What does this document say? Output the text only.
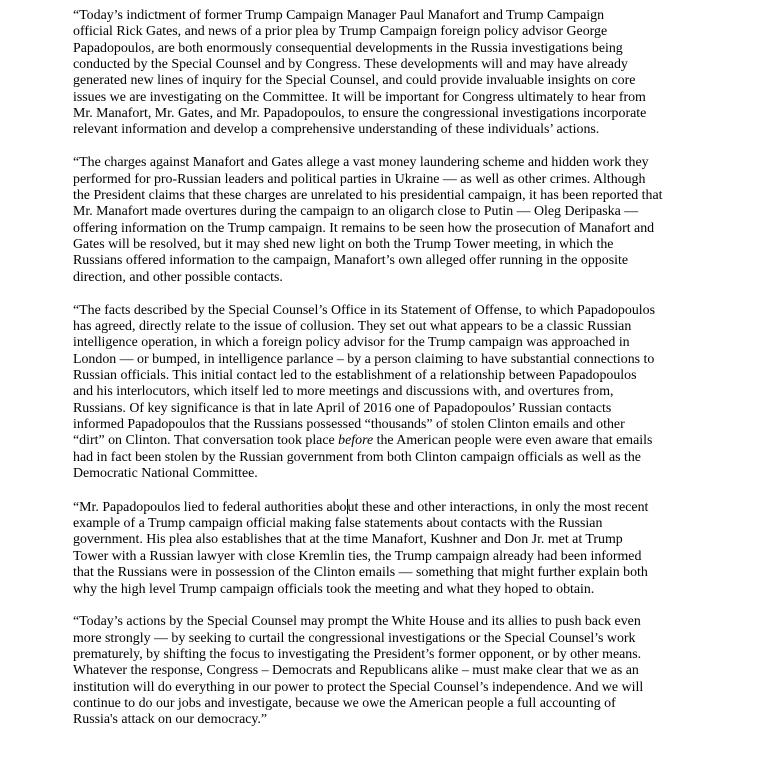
“Today’s indictment of former Trump Campaign Manager Paul Manafort and Trump Campaign
official Rick Gates, and news of a prior plea by Trump Campaign foreign policy advisor George
Papadopoulos, are both enormously consequential developments in the Russia investigations being
conducted by the Special Counsel and by Congress. These developments will and may have already
generated new lines of inquiry for the Special Counsel, and could provide invaluable insights on core
issues we are investigating on the Committee. It will be important for Congress ultimately to hear from
Mr. Manafort, Mr. Gates, and Mr. Papadopoulos, to ensure the congressional investigations incorporate
relevant information and develop a comprehensive understanding of these individuals’ actions.

“The charges against Manafort and Gates allege a vast money laundering scheme and hidden work they
performed for pro-Russian leaders and political parties in Ukraine — as well as other crimes. Although
the President claims that these charges are unrelated to his presidential campaign, it has been reported that
Mr. Manafort made overtures during the campaign to an oligarch close to Putin — Oleg Deripaska —
offering information on the Trump campaign. It remains to be seen how the prosecution of Manafort and
Gates will be resolved, but it may shed new light on both the Trump Tower meeting, in which the
Russians offered information to the campaign, Manafort’s own alleged offer running in the opposite
direction, and other possible contacts.

“The facts described by the Special Counsel’s Office in its Statement of Offense, to which Papadopoulos
has agreed, directly relate to the issue of collusion. They set out what appears to be a classic Russian
intelligence operation, in which a foreign policy advisor for the Trump campaign was approached in
London — or bumped, in intelligence parlance – by a person claiming to have substantial connections to
Russian officials. This initial contact led to the establishment of a relationship between Papadopoulos
and his interlocutors, which itself led to more meetings and discussions with, and overtures from,
Russians. Of key significance is that in late April of 2016 one of Papadopoulos’ Russian contacts
informed Papadopoulos that the Russians possessed “thousands” of stolen Clinton emails and other
“dirt” on Clinton. That conversation took place before the American people were even aware that emails
had in fact been stolen by the Russian government from both Clinton campaign officials as well as the
Democratic National Committee.

“Mr. Papadopoulos lied to federal authorities about these and other interactions, in only the most recent
example of a Trump campaign official making false statements about contacts with the Russian
government. His plea also establishes that at the time Manafort, Kushner and Don Jr. met at Trump
Tower with a Russian lawyer with close Kremlin ties, the Trump campaign already had been informed
that the Russians were in possession of the Clinton emails — something that might further explain both
why the high level Trump campaign officials took the meeting and what they hoped to obtain.

“Today’s actions by the Special Counsel may prompt the White House and its allies to push back even
more strongly — by seeking to curtail the congressional investigations or the Special Counsel’s work
prematurely, by shifting the focus to investigating the President’s former opponent, or by other means.
Whatever the response, Congress – Democrats and Republicans alike – must make clear that we as an
institution will do everything in our power to protect the Special Counsel’s independence. And we will
continue to do our jobs and investigate, because we owe the American people a full accounting of
Russia's attack on our democracy.”
